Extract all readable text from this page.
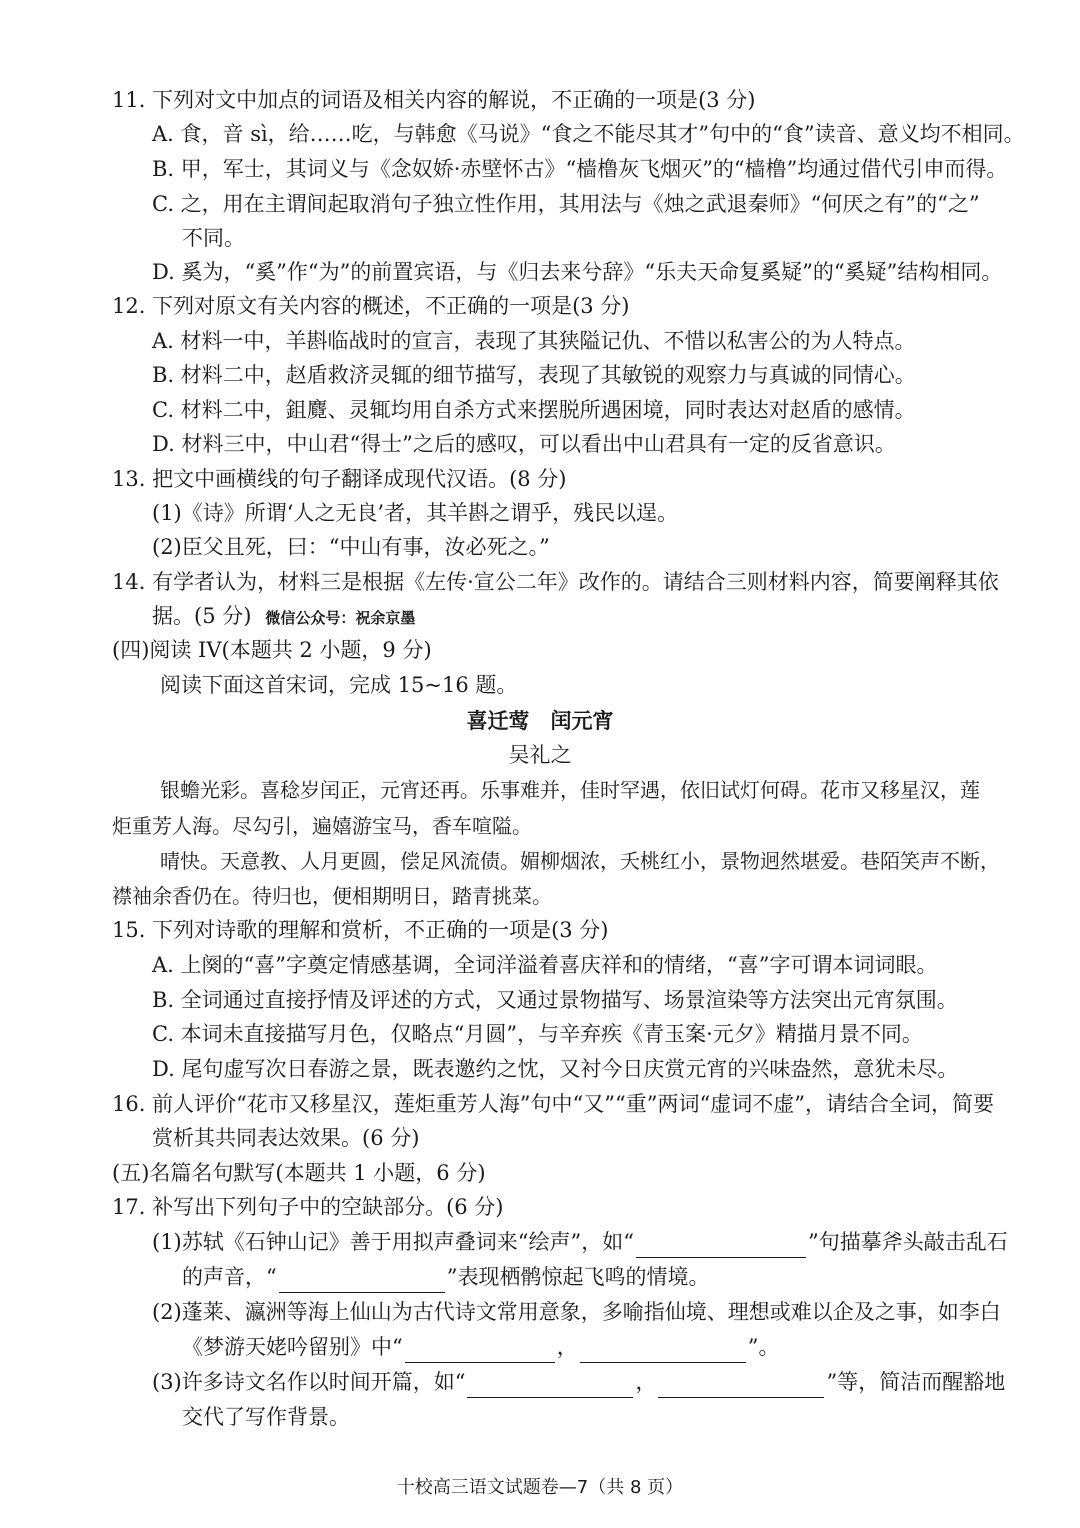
11. 下列对文中加点的词语及相关内容的解说，不正确的一项是(3 分)
A. 食，音 sì，给……吃，与韩愈《马说》“食之不能尽其才”句中的“食”读音、意义均不相同。
B. 甲，军士，其词义与《念奴娇·赤壁怀古》“樯橹灰飞烟灭”的“樯橹”均通过借代引申而得。
C. 之，用在主谓间起取消句子独立性作用，其用法与《烛之武退秦师》“何厌之有”的“之”
不同。
D. 奚为，“奚”作“为”的前置宾语，与《归去来兮辞》“乐夫天命复奚疑”的“奚疑”结构相同。
12. 下列对原文有关内容的概述，不正确的一项是(3 分)
A. 材料一中，羊斟临战时的宣言，表现了其狭隘记仇、不惜以私害公的为人特点。
B. 材料二中，赵盾救济灵辄的细节描写，表现了其敏锐的观察力与真诚的同情心。
C. 材料二中，鉏麑、灵辄均用自杀方式来摆脱所遇困境，同时表达对赵盾的感情。
D. 材料三中，中山君“得士”之后的感叹，可以看出中山君具有一定的反省意识。
13. 把文中画横线的句子翻译成现代汉语。(8 分)
(1)《诗》所谓‘人之无良’者，其羊斟之谓乎，残民以逞。
(2)臣父且死，曰：“中山有事，汝必死之。”
14. 有学者认为，材料三是根据《左传·宣公二年》改作的。请结合三则材料内容，简要阐释其依
据。(5 分) 微信公众号：祝余京墨
(四)阅读 IV(本题共 2 小题，9 分)
阅读下面这首宋词，完成 15~16 题。
喜迁莺　闰元宵
吴礼之
银蟾光彩。喜稔岁闰正，元宵还再。乐事难并，佳时罕遇，依旧试灯何碍。花市又移星汉，莲
炬重芳人海。尽勾引，遍嬉游宝马，香车喧隘。
晴快。天意教、人月更圆，偿足风流债。媚柳烟浓，夭桃红小，景物迥然堪爱。巷陌笑声不断，
襟袖余香仍在。待归也，便相期明日，踏青挑菜。
15. 下列对诗歌的理解和赏析，不正确的一项是(3 分)
A. 上阕的“喜”字奠定情感基调，全词洋溢着喜庆祥和的情绪，“喜”字可谓本词词眼。
B. 全词通过直接抒情及评述的方式，又通过景物描写、场景渲染等方法突出元宵氛围。
C. 本词未直接描写月色，仅略点“月圆”，与辛弃疾《青玉案·元夕》精描月景不同。
D. 尾句虚写次日春游之景，既表邀约之忱，又衬今日庆赏元宵的兴味盎然，意犹未尽。
16. 前人评价“花市又移星汉，莲炬重芳人海”句中“又”“重”两词“虚词不虚”，请结合全词，简要
赏析其共同表达效果。(6 分)
(五)名篇名句默写(本题共 1 小题，6 分)
17. 补写出下列句子中的空缺部分。(6 分)
(1)苏轼《石钟山记》善于用拟声叠词来“绘声”，如“	”句描摹斧头敲击乱石
的声音，“	”表现栖鹘惊起飞鸣的情境。
(2)蓬莱、瀛洲等海上仙山为古代诗文常用意象，多喻指仙境、理想或难以企及之事，如李白
《梦游天姥吟留别》中“	，	”。
(3)许多诗文名作以时间开篇，如“	，	”等，简洁而醒豁地
交代了写作背景。
十校高三语文试题卷—7（共 8 页）
